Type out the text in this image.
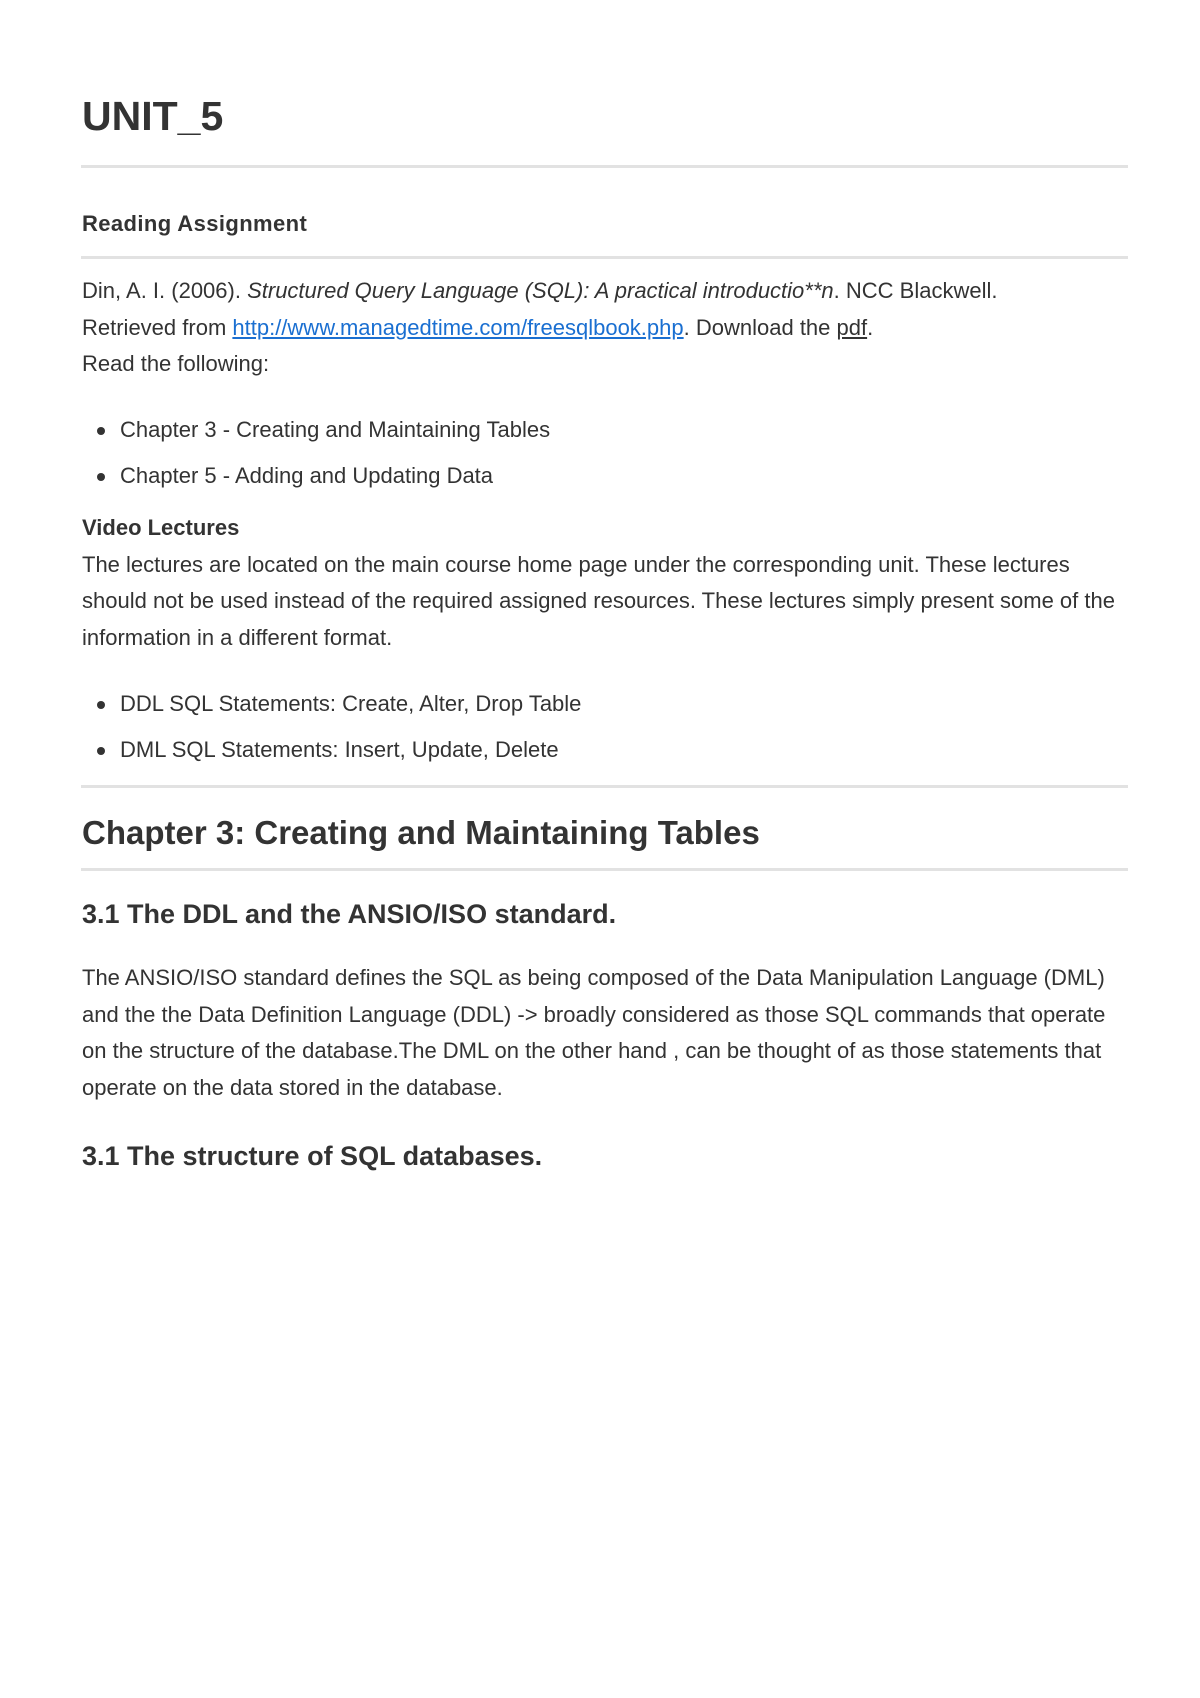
UNIT_5
Reading Assignment

Din, A. I. (2006). Structured Query Language (SQL): A practical introductio**n. NCC Blackwell.
Retrieved from http://www.managedtime.com/freesqlbook.php. Download the pdf.
Read the following:

Chapter 3 - Creating and Maintaining Tables
Chapter 5 - Adding and Updating Data

Video Lectures
The lectures are located on the main course home page under the corresponding unit. These lectures should not be used instead of the required assigned resources. These lectures simply present some of the information in a different format.

DDL SQL Statements: Create, Alter, Drop Table
DML SQL Statements: Insert, Update, Delete
Chapter 3: Creating and Maintaining Tables
3.1 The DDL and the ANSIO/ISO standard.

The ANSIO/ISO standard defines the SQL as being composed of the Data Manipulation Language (DML) and the the Data Definition Language (DDL) -> broadly considered as those SQL commands that operate on the structure of the database.The DML on the other hand , can be thought of as those statements that operate on the data stored in the database.

3.1 The structure of SQL databases.
